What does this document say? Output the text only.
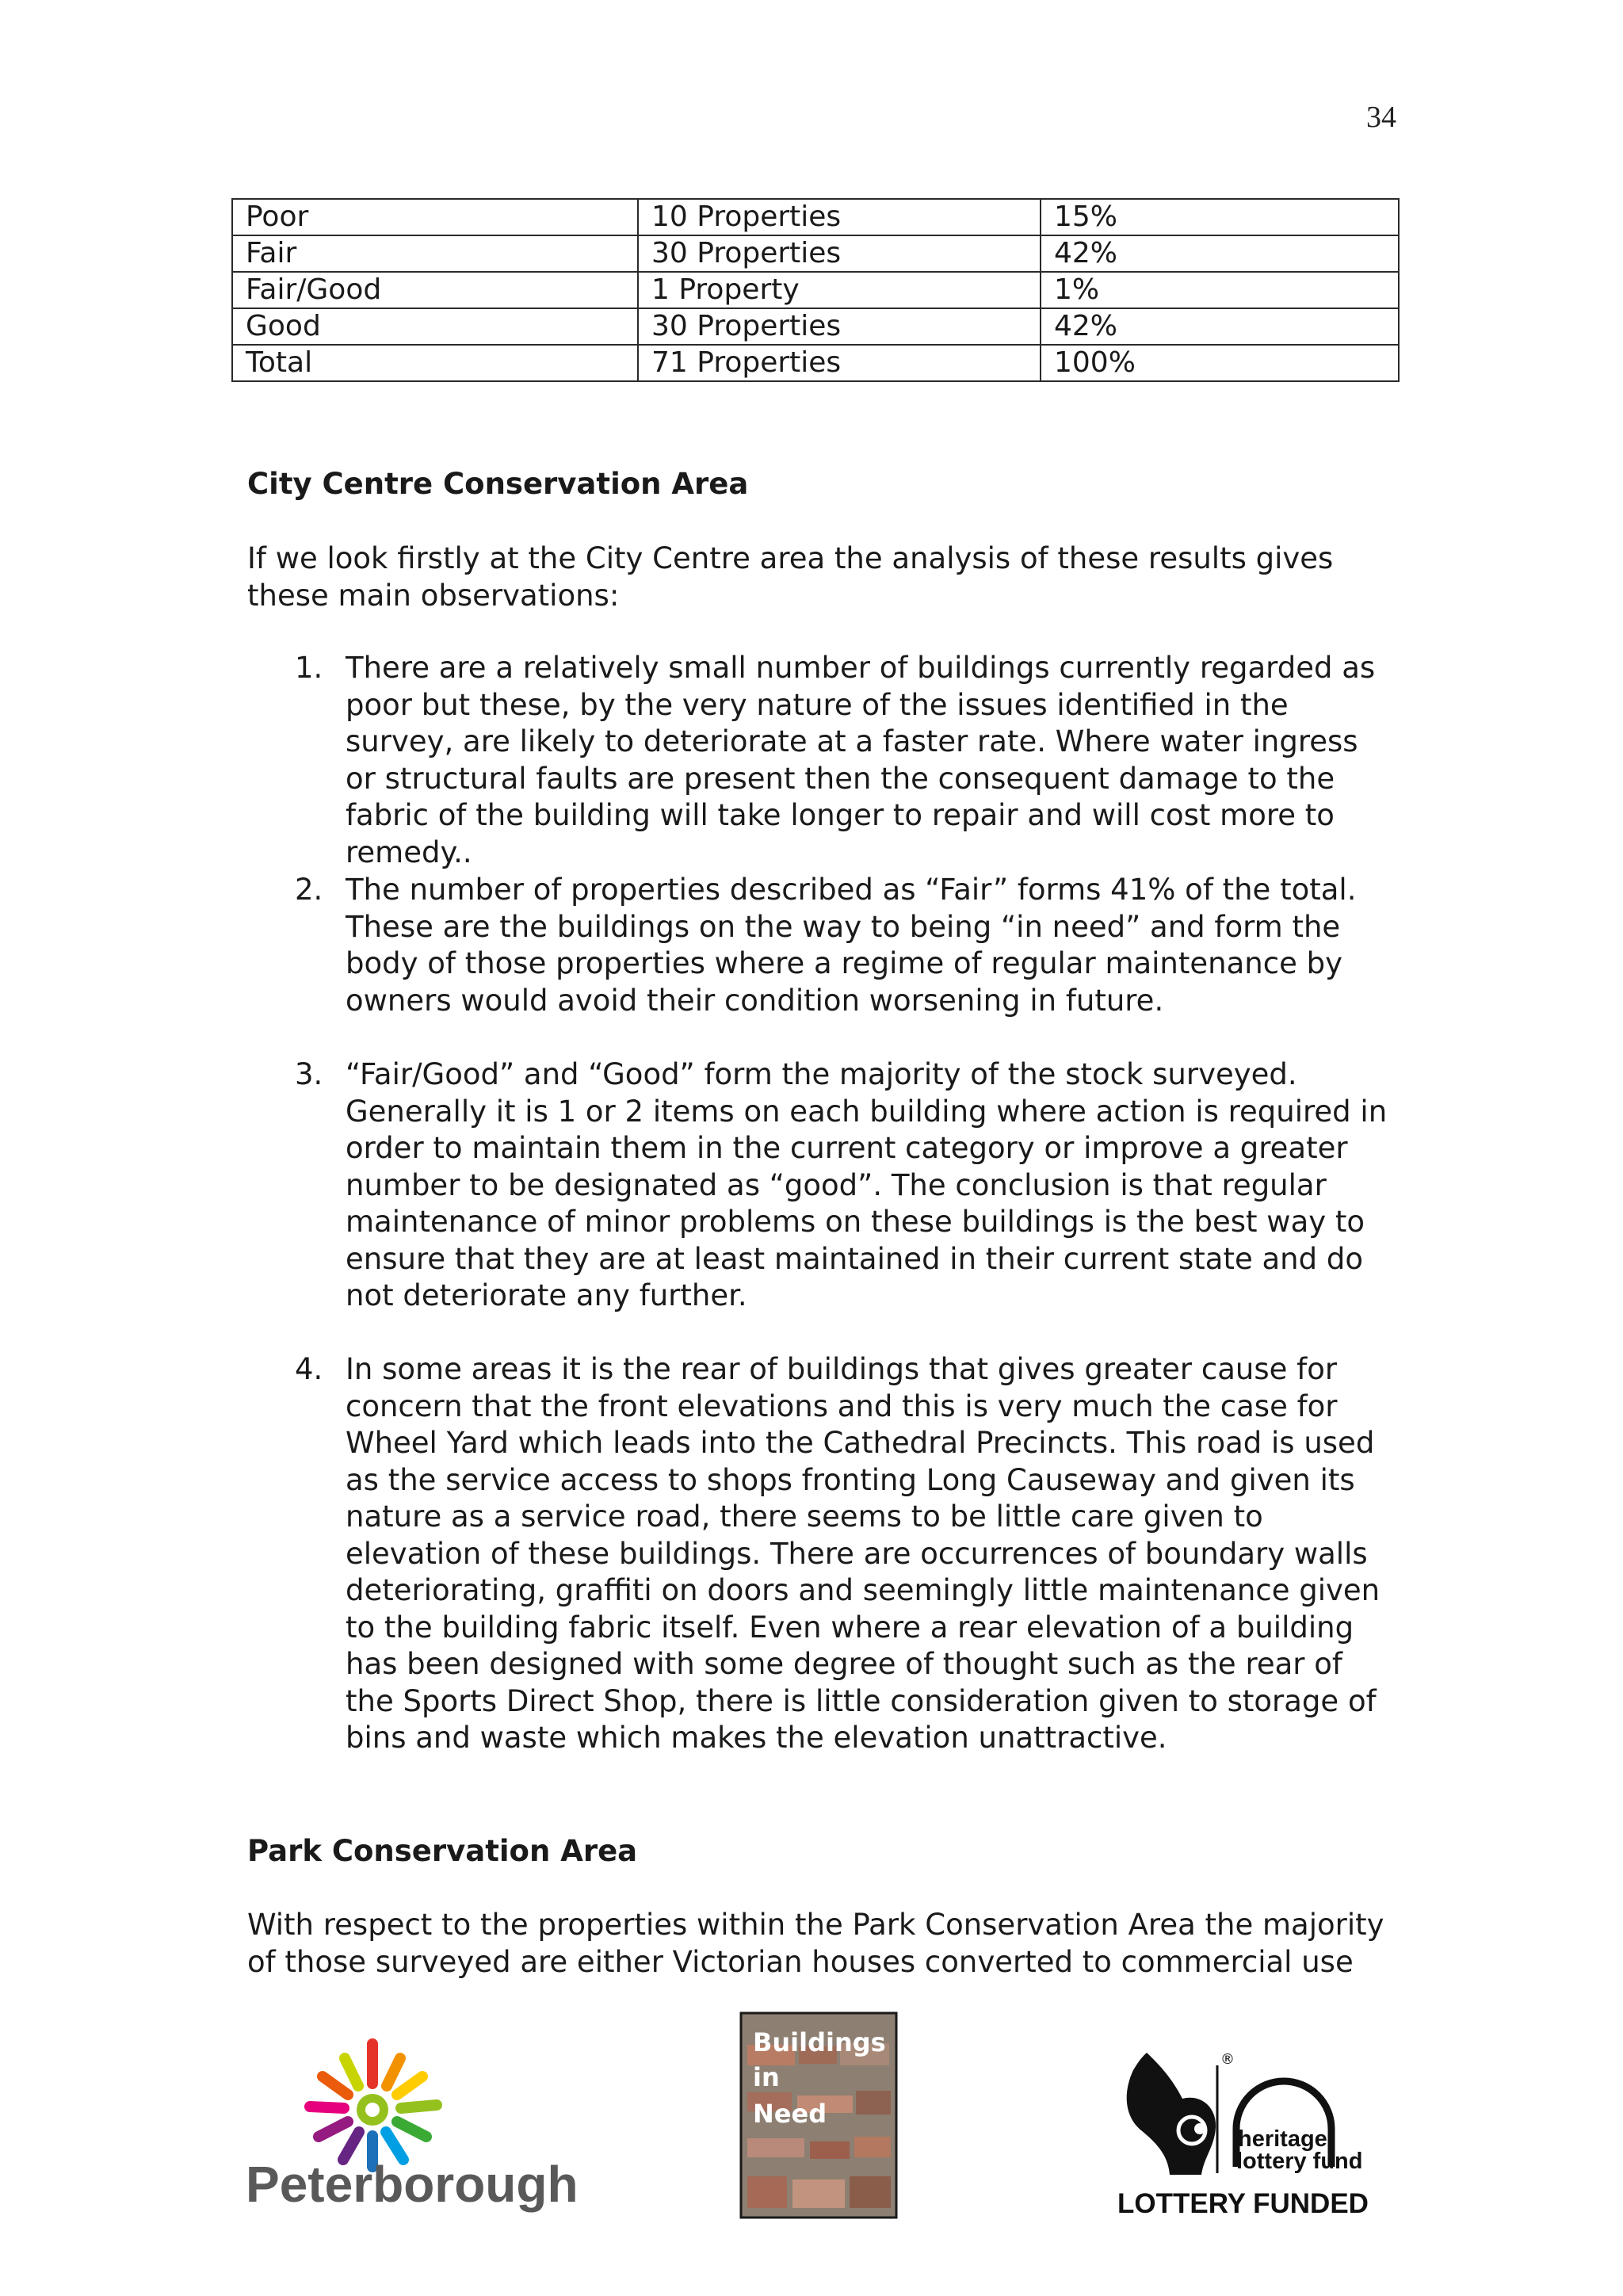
34
Poor	10 Properties	15%
Fair	30 Properties	42%
Fair/Good	1 Property	1%
Good	30 Properties	42%
Total	71 Properties	100%
City Centre Conservation Area

If we look firstly at the City Centre area the analysis of these results gives these main observations:

1. There are a relatively small number of buildings currently regarded as poor but these, by the very nature of the issues identified in the survey, are likely to deteriorate at a faster rate. Where water ingress or structural faults are present then the consequent damage to the fabric of the building will take longer to repair and will cost more to remedy..
2. The number of properties described as “Fair” forms 41% of the total. These are the buildings on the way to being “in need” and form the body of those properties where a regime of regular maintenance by owners would avoid their condition worsening in future.
3. “Fair/Good” and “Good” form the majority of the stock surveyed. Generally it is 1 or 2 items on each building where action is required in order to maintain them in the current category or improve a greater number to be designated as “good”. The conclusion is that regular maintenance of minor problems on these buildings is the best way to ensure that they are at least maintained in their current state and do not deteriorate any further.
4. In some areas it is the rear of buildings that gives greater cause for concern that the front elevations and this is very much the case for Wheel Yard which leads into the Cathedral Precincts. This road is used as the service access to shops fronting Long Causeway and given its nature as a service road, there seems to be little care given to elevation of these buildings. There are occurrences of boundary walls deteriorating, graffiti on doors and seemingly little maintenance given to the building fabric itself. Even where a rear elevation of a building has been designed with some degree of thought such as the rear of the Sports Direct Shop, there is little consideration given to storage of bins and waste which makes the elevation unattractive.
Park Conservation Area

With respect to the properties within the Park Conservation Area the majority of those surveyed are either Victorian houses converted to commercial use

Peterborough
Buildings
in
Need
®
heritage
lottery fund
LOTTERY FUNDED
